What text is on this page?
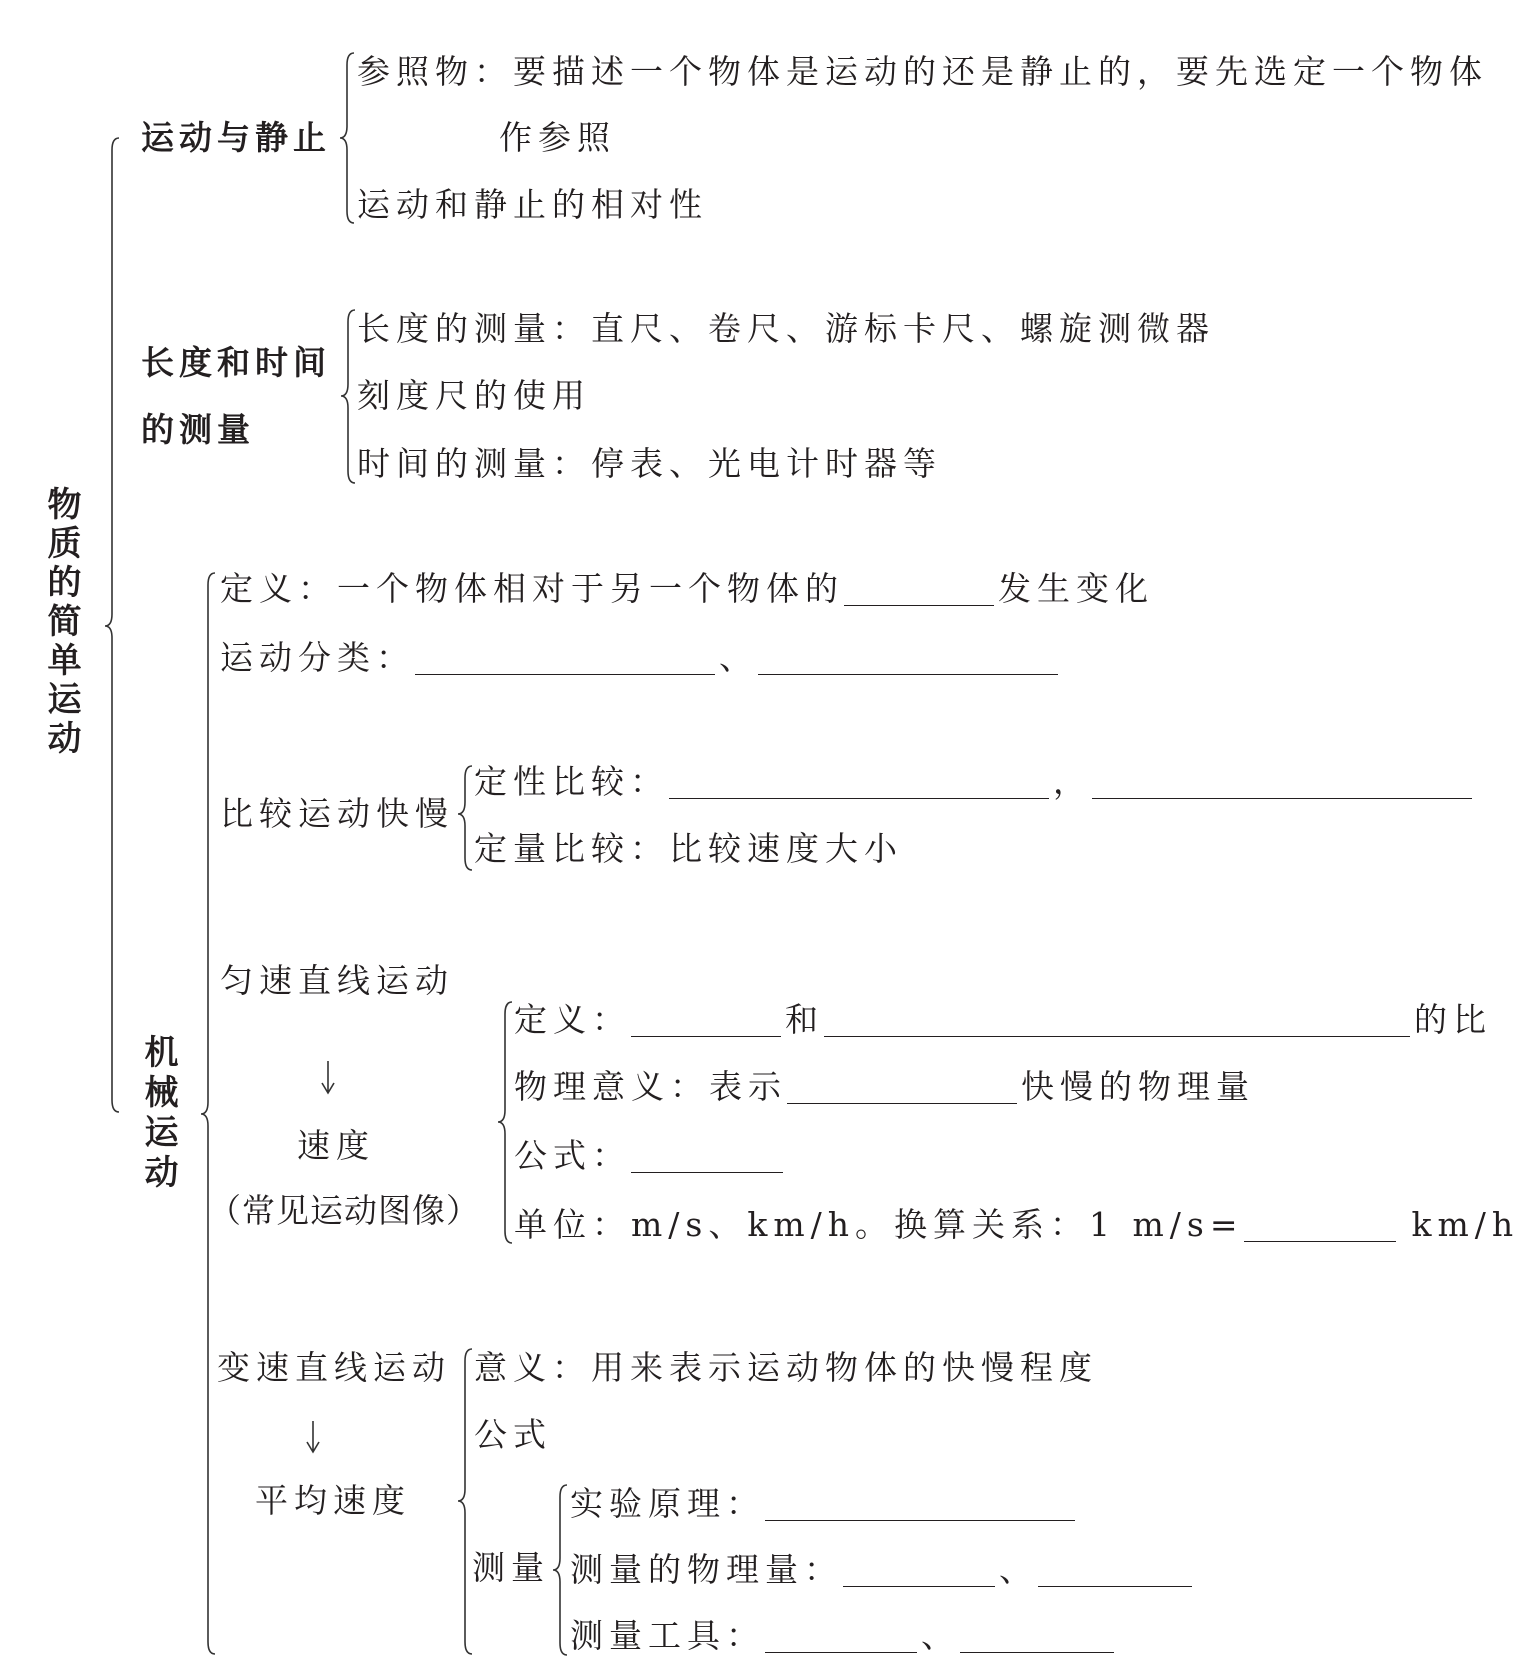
物质的简单运动
运动与静止
参照物：要描述一个物体是运动的还是静止的，要先选定一个物体
作参照
运动和静止的相对性
长度和时间
的测量
长度的测量：直尺、卷尺、游标卡尺、螺旋测微器
刻度尺的使用
时间的测量：停表、光电计时器等
机械运动
定义：一个物体相对于另一个物体的	发生变化
运动分类：	、
比较运动快慢
定性比较：	，
定量比较：比较速度大小
匀速直线运动
速度
（常见运动图像）
定义：	和	的比
物理意义：表示	快慢的物理量
公式：
单位：m/s、km/h。换算关系：1 m/s=	km/h
变速直线运动
平均速度
意义：用来表示运动物体的快慢程度
公式
测量
实验原理：
测量的物理量：	、
测量工具：	、
